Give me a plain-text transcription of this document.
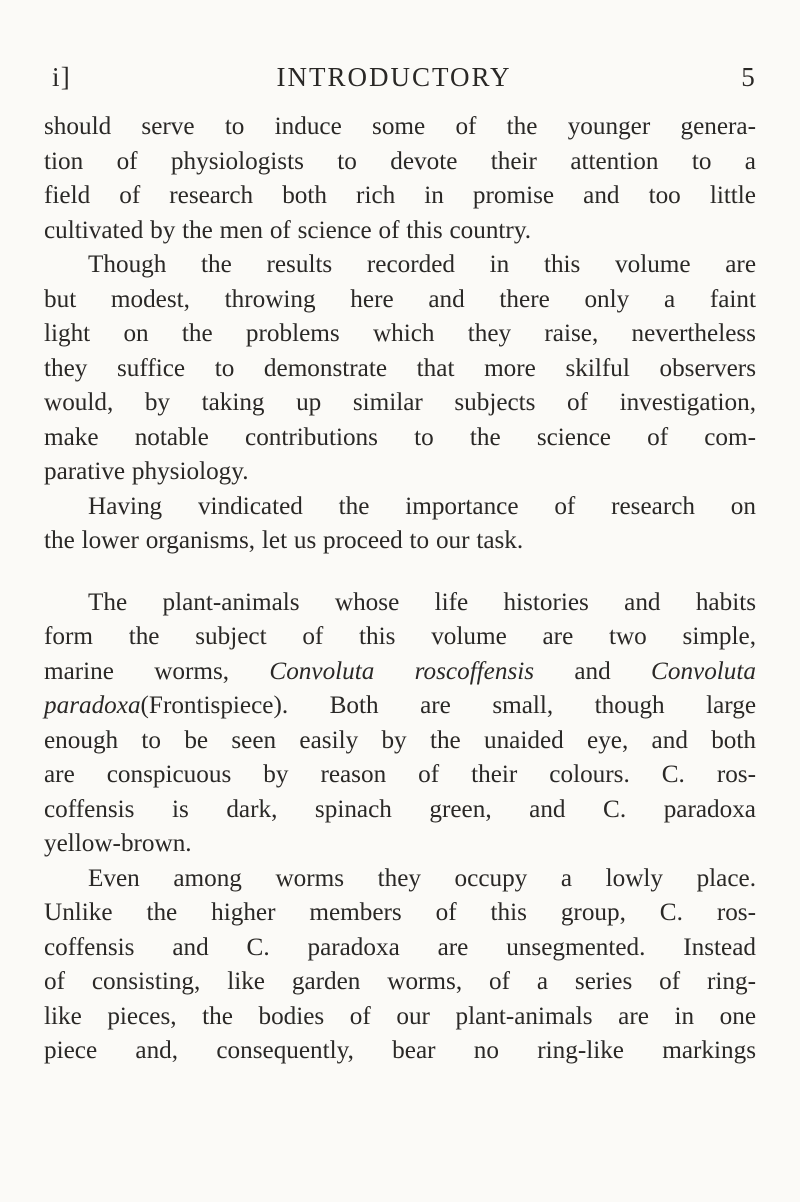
i]	INTRODUCTORY	5

should serve to induce some of the younger genera-
tion of physiologists to devote their attention to a
field of research both rich in promise and too little
cultivated by the men of science of this country.

Though the results recorded in this volume are
but modest, throwing here and there only a faint
light on the problems which they raise, nevertheless
they suffice to demonstrate that more skilful observers
would, by taking up similar subjects of investigation,
make notable contributions to the science of com-
parative physiology.

Having vindicated the importance of research on
the lower organisms, let us proceed to our task.

The plant-animals whose life histories and habits
form the subject of this volume are two simple,
marine worms, Convoluta roscoffensis and Convoluta
paradoxa(Frontispiece). Both are small, though large
enough to be seen easily by the unaided eye, and both
are conspicuous by reason of their colours. C. ros-
coffensis is dark, spinach green, and C. paradoxa
yellow-brown.

Even among worms they occupy a lowly place.
Unlike the higher members of this group, C. ros-
coffensis and C. paradoxa are unsegmented. Instead
of consisting, like garden worms, of a series of ring-
like pieces, the bodies of our plant-animals are in one
piece and, consequently, bear no ring-like markings
